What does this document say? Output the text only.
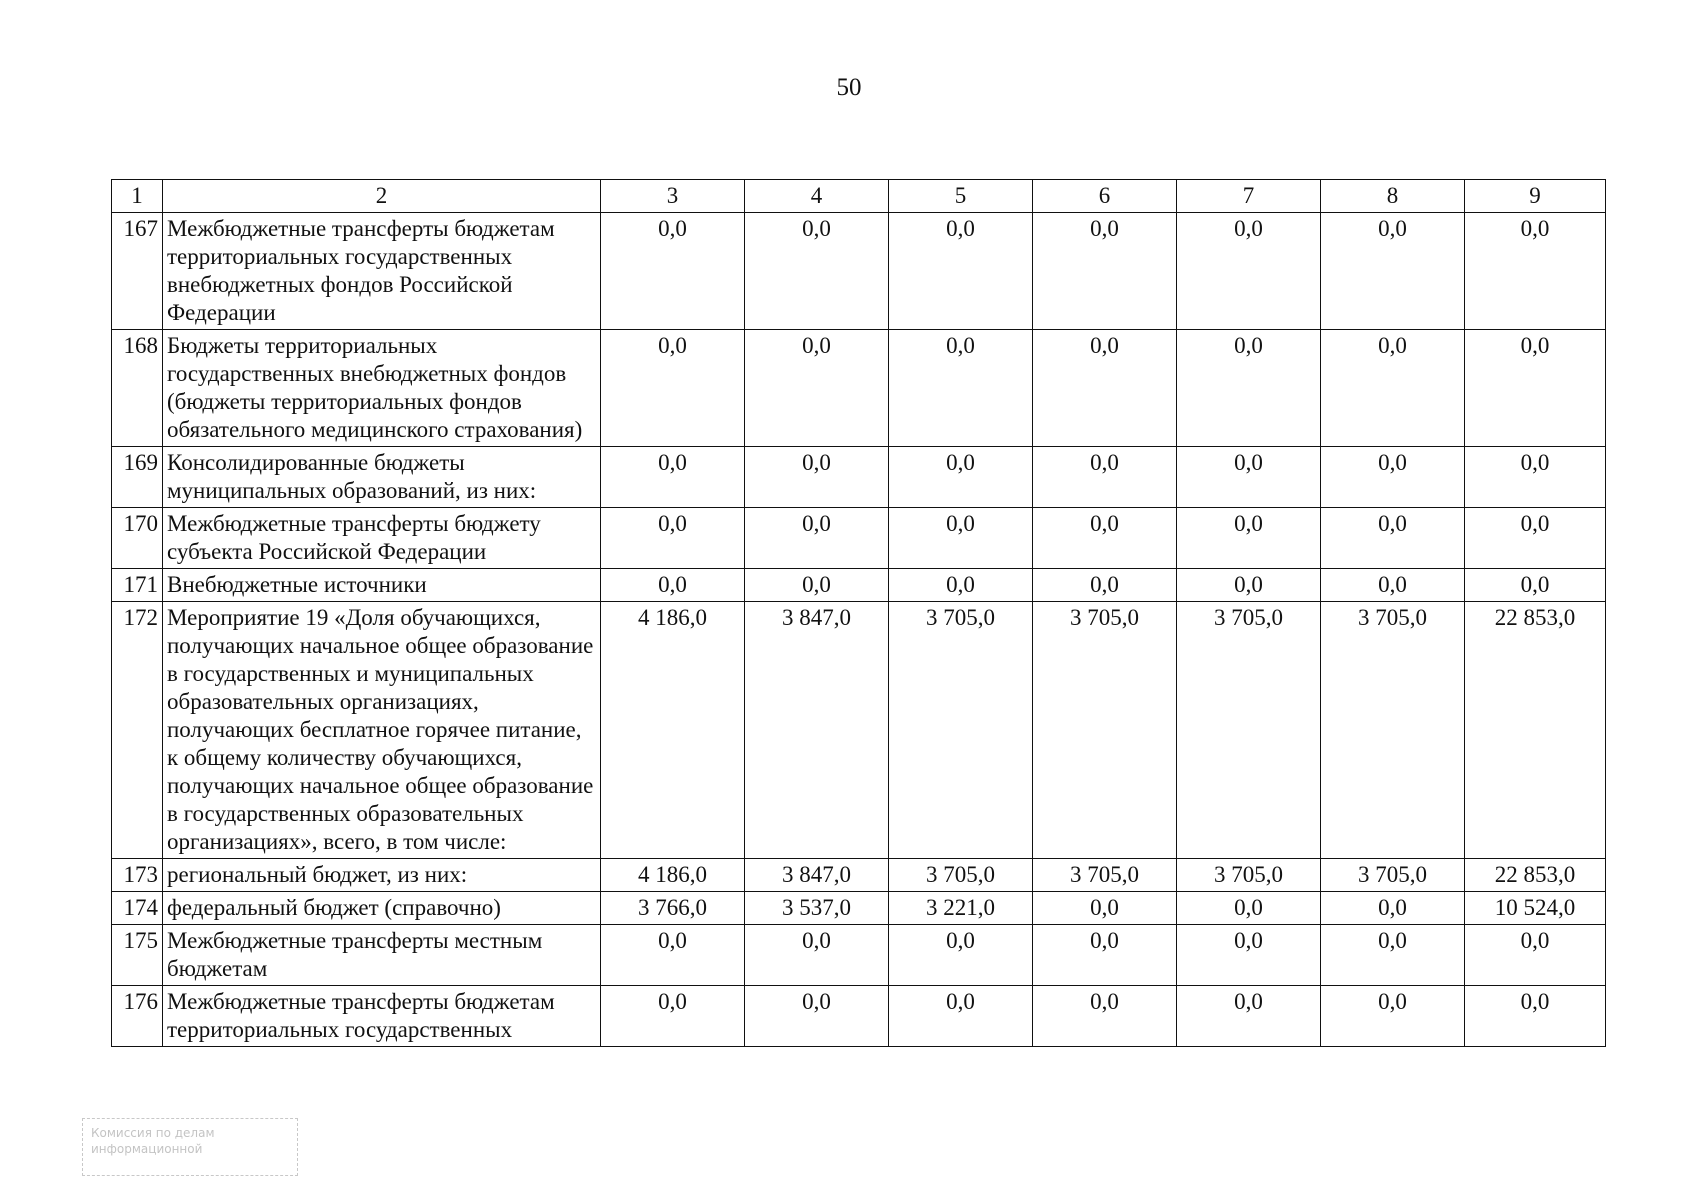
50
1	2	3	4	5	6	7	8	9
167	Межбюджетные трансферты бюджетам территориальных государственных внебюджетных фондов Российской Федерации	0,0	0,0	0,0	0,0	0,0	0,0	0,0
168	Бюджеты территориальных государственных внебюджетных фондов (бюджеты территориальных фондов обязательного медицинского страхования)	0,0	0,0	0,0	0,0	0,0	0,0	0,0
169	Консолидированные бюджеты муниципальных образований, из них:	0,0	0,0	0,0	0,0	0,0	0,0	0,0
170	Межбюджетные трансферты бюджету субъекта Российской Федерации	0,0	0,0	0,0	0,0	0,0	0,0	0,0
171	Внебюджетные источники	0,0	0,0	0,0	0,0	0,0	0,0	0,0
172	Мероприятие 19 «Доля обучающихся, получающих начальное общее образование в государственных и муниципальных образовательных организациях, получающих бесплатное горячее питание, к общему количеству обучающихся, получающих начальное общее образование в государственных образовательных организациях», всего, в том числе:	4 186,0	3 847,0	3 705,0	3 705,0	3 705,0	3 705,0	22 853,0
173	региональный бюджет, из них:	4 186,0	3 847,0	3 705,0	3 705,0	3 705,0	3 705,0	22 853,0
174	федеральный бюджет (справочно)	3 766,0	3 537,0	3 221,0	0,0	0,0	0,0	10 524,0
175	Межбюджетные трансферты местным бюджетам	0,0	0,0	0,0	0,0	0,0	0,0	0,0
176	Межбюджетные трансферты бюджетам территориальных государственных	0,0	0,0	0,0	0,0	0,0	0,0	0,0
Комиссия по делам
информационной
